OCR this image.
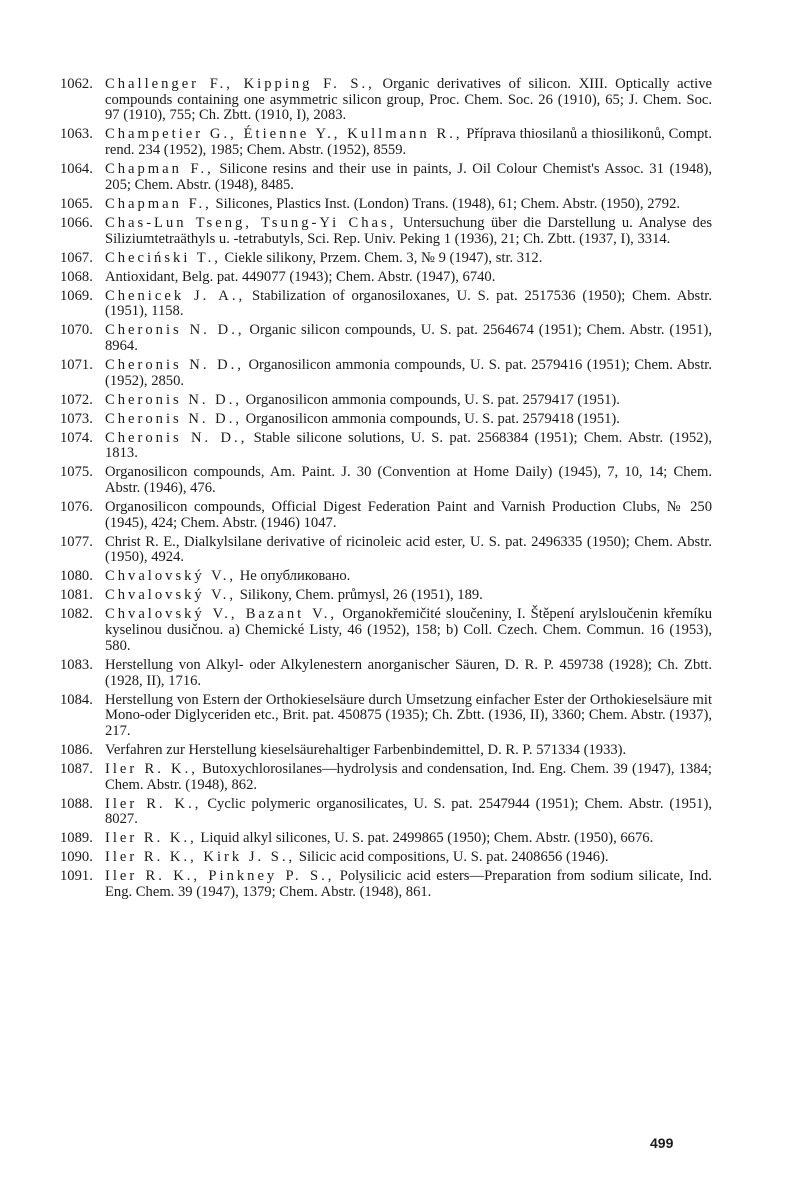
1062. Challenger F., Kipping F. S., Organic derivatives of silicon. XIII. Optically active compounds containing one asymmetric silicon group, Proc. Chem. Soc. 26 (1910), 65; J. Chem. Soc. 97 (1910), 755; Ch. Zbtt. (1910, I), 2083.
1063. Champetier G., Étienne Y., Kullmann R., Příprava thiosilanů a thiosilikonů, Compt. rend. 234 (1952), 1985; Chem. Abstr. (1952), 8559.
1064. Chapman F., Silicone resins and their use in paints, J. Oil Colour Chemist's Assoc. 31 (1948), 205; Chem. Abstr. (1948), 8485.
1065. Chapman F., Silicones, Plastics Inst. (London) Trans. (1948), 61; Chem. Abstr. (1950), 2792.
1066. Chas-Lun Tseng, Tsung-Yi Chas, Untersuchung über die Darstellung u. Analyse des Siliziumtetraäthyls u. -tetrabutyls, Sci. Rep. Univ. Peking 1 (1936), 21; Ch. Zbtt. (1937, I), 3314.
1067. Checiński T., Ciekle silikony, Przem. Chem. 3, № 9 (1947), str. 312.
1068. Antioxidant, Belg. pat. 449077 (1943); Chem. Abstr. (1947), 6740.
1069. Chenicek J. A., Stabilization of organosiloxanes, U. S. pat. 2517536 (1950); Chem. Abstr. (1951), 1158.
1070. Cheronis N. D., Organic silicon compounds, U. S. pat. 2564674 (1951); Chem. Abstr. (1951), 8964.
1071. Cheronis N. D., Organosilicon ammonia compounds, U. S. pat. 2579416 (1951); Chem. Abstr. (1952), 2850.
1072. Cheronis N. D., Organosilicon ammonia compounds, U. S. pat. 2579417 (1951).
1073. Cheronis N. D., Organosilicon ammonia compounds, U. S. pat. 2579418 (1951).
1074. Cheronis N. D., Stable silicone solutions, U. S. pat. 2568384 (1951); Chem. Abstr. (1952), 1813.
1075. Organosilicon compounds, Am. Paint. J. 30 (Convention at Home Daily) (1945), 7, 10, 14; Chem. Abstr. (1946), 476.
1076. Organosilicon compounds, Official Digest Federation Paint and Varnish Production Clubs, № 250 (1945), 424; Chem. Abstr. (1946) 1047.
1077. Christ R. E., Dialkylsilane derivative of ricinoleic acid ester, U. S. pat. 2496335 (1950); Chem. Abstr. (1950), 4924.
1080. Chvalovský V., Не опубликовано.
1081. Chvalovský V., Silikony, Chem. průmysl, 26 (1951), 189.
1082. Chvalovský V., Bazant V., Organokřemičité sloučeniny, I. Štěpení arylsloučenin křemíku kyselinou dusičnou. a) Chemické Listy, 46 (1952), 158; b) Coll. Czech. Chem. Commun. 16 (1953), 580.
1083. Herstellung von Alkyl- oder Alkylenestern anorganischer Säuren, D. R. P. 459738 (1928); Ch. Zbtt. (1928, II), 1716.
1084. Herstellung von Estern der Orthokieselsäure durch Umsetzung einfacher Ester der Orthokieselsäure mit Mono-oder Diglyceriden etc., Brit. pat. 450875 (1935); Ch. Zbtt. (1936, II), 3360; Chem. Abstr. (1937), 217.
1086. Verfahren zur Herstellung kieselsäurehaltiger Farbenbindemittel, D. R. P. 571334 (1933).
1087. Iler R. K., Butoxychlorosilanes—hydrolysis and condensation, Ind. Eng. Chem. 39 (1947), 1384; Chem. Abstr. (1948), 862.
1088. Iler R. K., Cyclic polymeric organosilicates, U. S. pat. 2547944 (1951); Chem. Abstr. (1951), 8027.
1089. Iler R. K., Liquid alkyl silicones, U. S. pat. 2499865 (1950); Chem. Abstr. (1950), 6676.
1090. Iler R. K., Kirk J. S., Silicic acid compositions, U. S. pat. 2408656 (1946).
1091. Iler R. K., Pinkney P. S., Polysilicic acid esters—Preparation from sodium silicate, Ind. Eng. Chem. 39 (1947), 1379; Chem. Abstr. (1948), 861.
499
